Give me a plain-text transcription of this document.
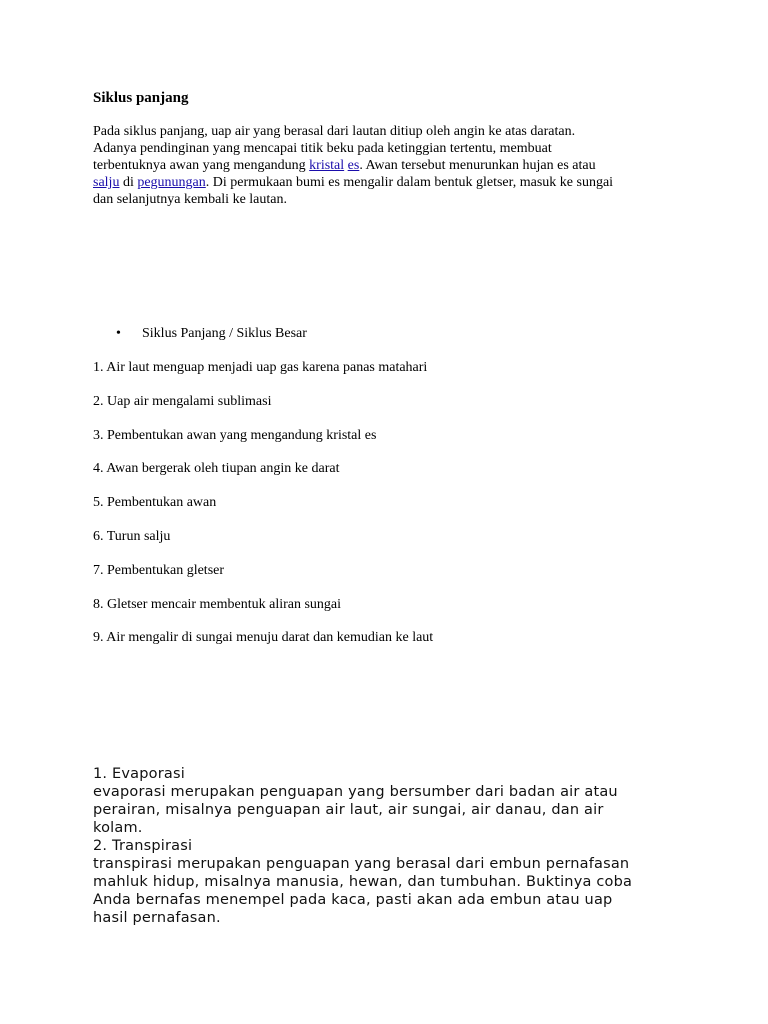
Siklus panjang

Pada siklus panjang, uap air yang berasal dari lautan ditiup oleh angin ke atas daratan.
Adanya pendinginan yang mencapai titik beku pada ketinggian tertentu, membuat
terbentuknya awan yang mengandung kristal es. Awan tersebut menurunkan hujan es atau
salju di pegunungan. Di permukaan bumi es mengalir dalam bentuk gletser, masuk ke sungai
dan selanjutnya kembali ke lautan.

• Siklus Panjang / Siklus Besar

1. Air laut menguap menjadi uap gas karena panas matahari
2. Uap air mengalami sublimasi
3. Pembentukan awan yang mengandung kristal es
4. Awan bergerak oleh tiupan angin ke darat
5. Pembentukan awan
6. Turun salju
7. Pembentukan gletser
8. Gletser mencair membentuk aliran sungai
9. Air mengalir di sungai menuju darat dan kemudian ke laut
1. Evaporasi
evaporasi merupakan penguapan yang bersumber dari badan air atau
perairan, misalnya penguapan air laut, air sungai, air danau, dan air
kolam.
2. Transpirasi
transpirasi merupakan penguapan yang berasal dari embun pernafasan
mahluk hidup, misalnya manusia, hewan, dan tumbuhan. Buktinya coba
Anda bernafas menempel pada kaca, pasti akan ada embun atau uap
hasil pernafasan.
